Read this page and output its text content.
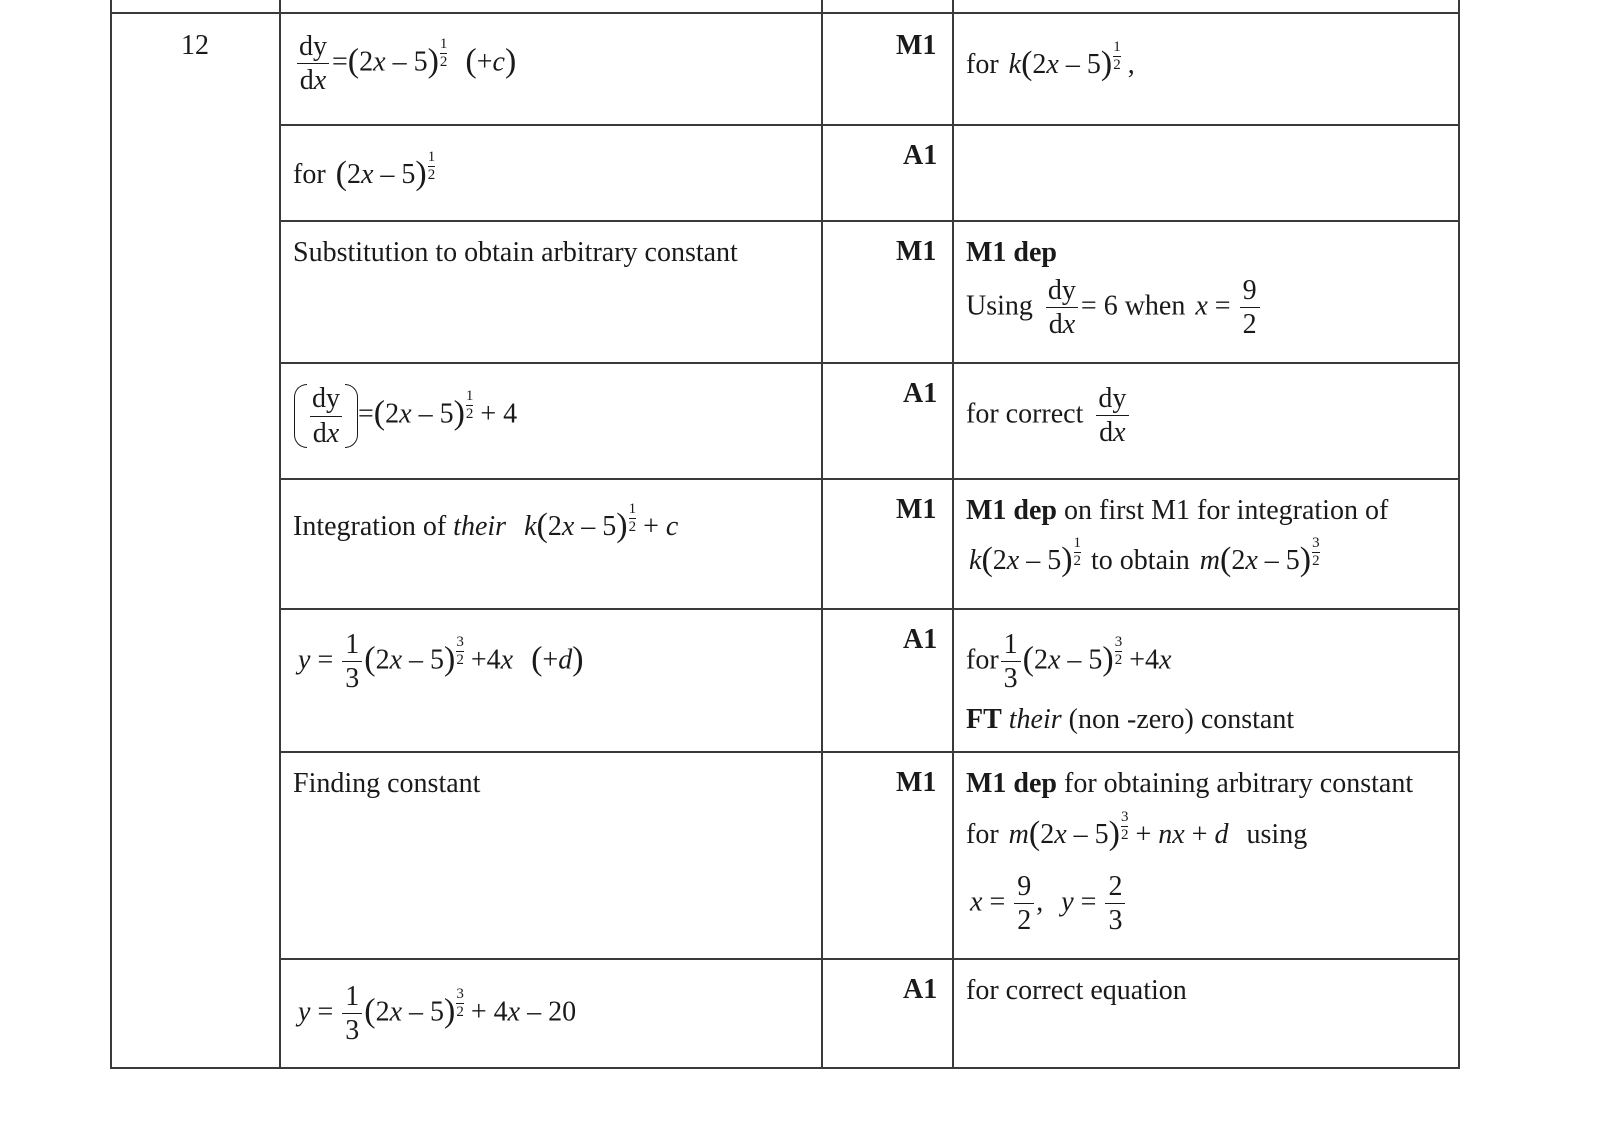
12	M1
A1
M1
A1
M1
A1
M1
A1
$\frac{dy}{dx} =(2x - 5) \frac{1}{2} (+c)$
for $(2x - 5) \frac{1}{2}$
Substitution to obtain arbitrary constant
$\frac{dy}{dx} =(2x - 5) \frac{1}{2} + 4$
Integration of their $k(2x - 5) \frac{1}{2} + c$
$y = \frac{1}{3} (2x - 5) \frac{3}{2} +4x$ (+d)
Finding constant
$y = \frac{1}{3} (2x - 5) \frac{3}{2} + 4x - 20$
for $k(2x - 5) \frac{1}{2}$ ,
M1 dep
Using $\frac{dy}{dx} = 6$ when $x = \frac{9}{2}$
for correct $\frac{dy}{dx}$
M1 dep on first M1 for integration of
$k(2x - 5) \frac{1}{2}$ to obtain $m(2x - 5) \frac{3}{2}$
for $\frac{1}{3} (2x - 5) \frac{3}{2} +4x$
FT their (non -zero) constant
M1 dep for obtaining arbitrary constant
for $m(2x - 5) \frac{3}{2}$ + nx + d using
$x = \frac{9}{2}$ , $y = \frac{2}{3}$
for correct equation
